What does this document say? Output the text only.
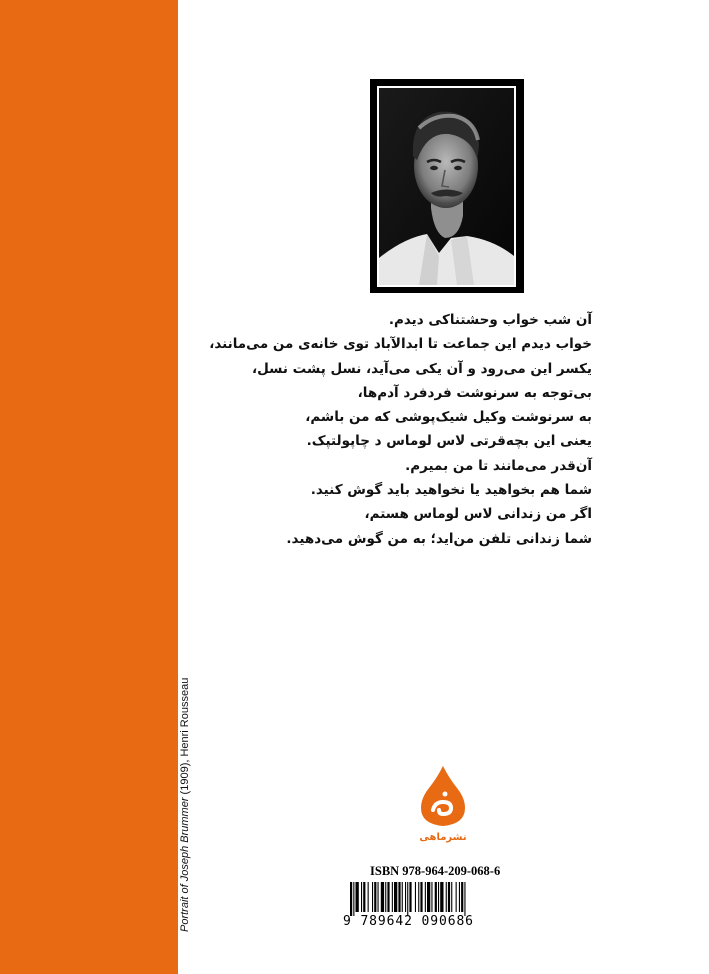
Portrait of Joseph Brummer (1909), Henri Rousseau
آن شب خواب وحشتناکی دیدم.
خواب دیدم این جماعت تا ابدالآباد توی خانه‌ی من می‌مانند،
یکسر این می‌رود و آن یکی می‌آید، نسل پشت نسل،
بی‌توجه به سرنوشت فردفرد آدم‌ها،
به سرنوشت وکیل شیک‌پوشی که من باشم،
یعنی این بچه‌قرتی لاس لوماس د چاپولتپک.
آن‌قدر می‌مانند تا من بمیرم.
شما هم بخواهید یا نخواهید باید گوش کنید.
اگر من زندانی لاس لوماس هستم،
شما زندانی تلفن من‌اید؛ به من گوش می‌دهید.
نشرماهی
ISBN 978-964-209-068-6
9 789642 090686
